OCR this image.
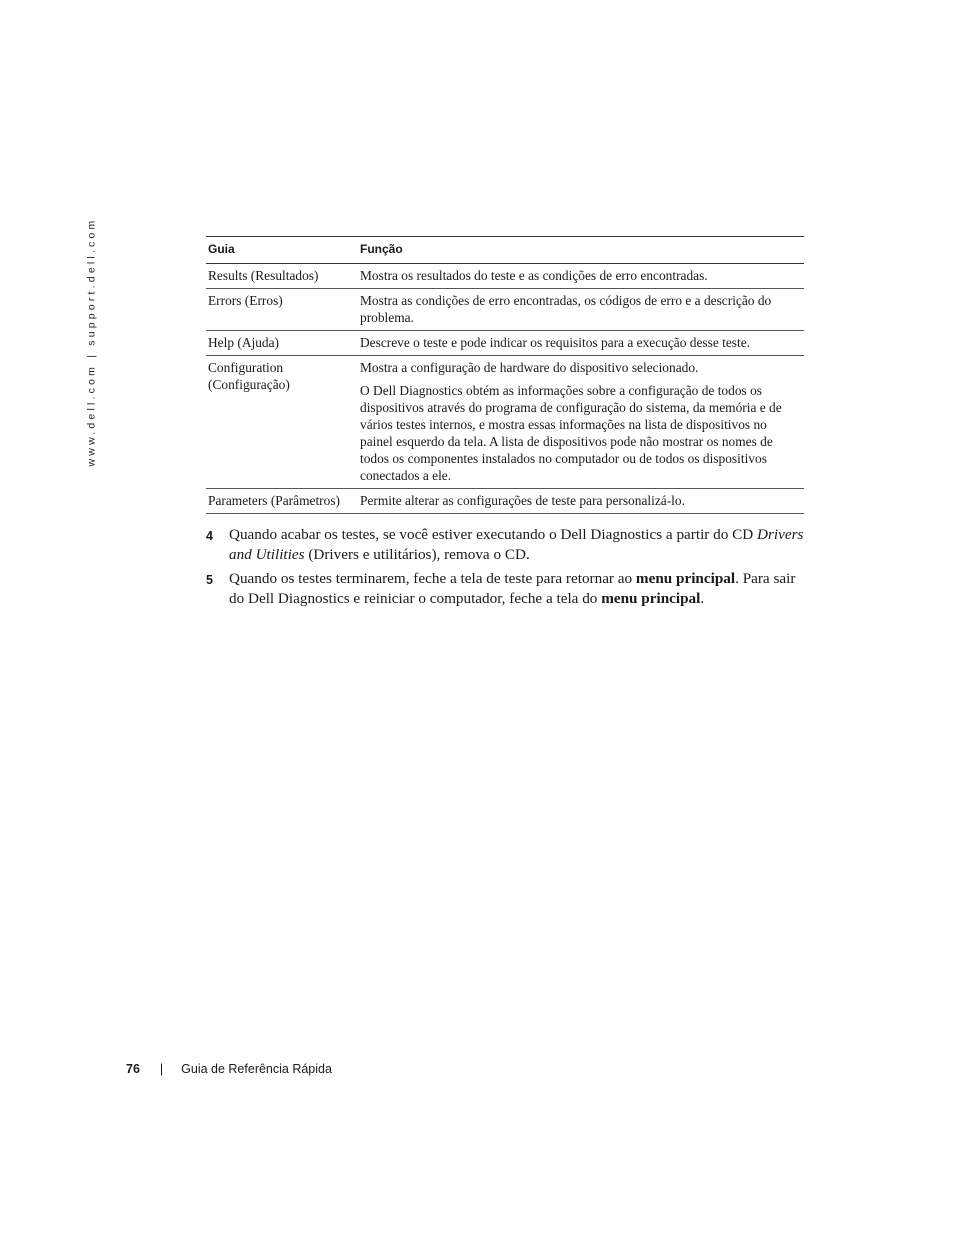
www.dell.com | support.dell.com	Guia	Função
Results (Resultados)	Mostra os resultados do teste e as condições de erro encontradas.

Errors (Erros)	Mostra as condições de erro encontradas, os códigos de erro e a descrição do problema.

Help (Ajuda)	Descreve o teste e pode indicar os requisitos para a execução desse teste.

Configuration (Configuração)	Mostra a configuração de hardware do dispositivo selecionado.

O Dell Diagnostics obtém as informações sobre a configuração de todos os dispositivos através do programa de configuração do sistema, da memória e de vários testes internos, e mostra essas informações na lista de dispositivos no painel esquerdo da tela. A lista de dispositivos pode não mostrar os nomes de todos os componentes instalados no computador ou de todos os dispositivos conectados a ele.

Parameters (Parâmetros)	Permite alterar as configurações de teste para personalizá-lo.

4	Quando acabar os testes, se você estiver executando o Dell Diagnostics a partir do CD Drivers and Utilities (Drivers e utilitários), remova o CD.
5	Quando os testes terminarem, feche a tela de teste para retornar ao menu principal. Para sair do Dell Diagnostics e reiniciar o computador, feche a tela do menu principal.
76 | Guia de Referência Rápida
